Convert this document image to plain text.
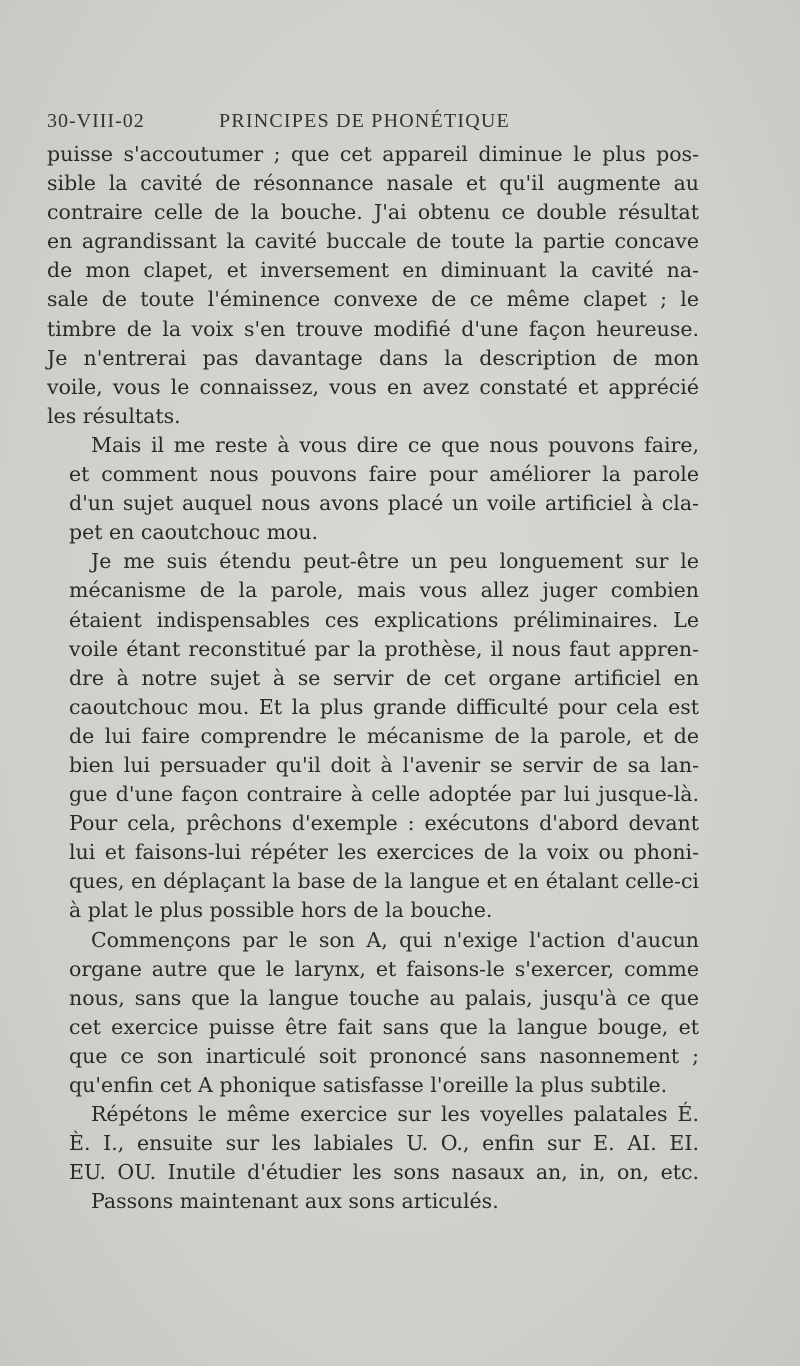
30-VIII-02	PRINCIPES DE PHONÉTIQUE

puisse s'accoutumer ; que cet appareil diminue le plus pos-
sible la cavité de résonnance nasale et qu'il augmente au
contraire celle de la bouche. J'ai obtenu ce double résultat
en agrandissant la cavité buccale de toute la partie concave
de mon clapet, et inversement en diminuant la cavité na-
sale de toute l'éminence convexe de ce même clapet ; le
timbre de la voix s'en trouve modifié d'une façon heureuse.
Je n'entrerai pas davantage dans la description de mon
voile, vous le connaissez, vous en avez constaté et apprécié
les résultats.

Mais il me reste à vous dire ce que nous pouvons faire,
et comment nous pouvons faire pour améliorer la parole
d'un sujet auquel nous avons placé un voile artificiel à cla-
pet en caoutchouc mou.

Je me suis étendu peut-être un peu longuement sur le
mécanisme de la parole, mais vous allez juger combien
étaient indispensables ces explications préliminaires. Le
voile étant reconstitué par la prothèse, il nous faut appren-
dre à notre sujet à se servir de cet organe artificiel en
caoutchouc mou. Et la plus grande difficulté pour cela est
de lui faire comprendre le mécanisme de la parole, et de
bien lui persuader qu'il doit à l'avenir se servir de sa lan-
gue d'une façon contraire à celle adoptée par lui jusque-là.
Pour cela, prêchons d'exemple : exécutons d'abord devant
lui et faisons-lui répéter les exercices de la voix ou phoni-
ques, en déplaçant la base de la langue et en étalant celle-ci
à plat le plus possible hors de la bouche.

Commençons par le son A, qui n'exige l'action d'aucun
organe autre que le larynx, et faisons-le s'exercer, comme
nous, sans que la langue touche au palais, jusqu'à ce que
cet exercice puisse être fait sans que la langue bouge, et
que ce son inarticulé soit prononcé sans nasonnement ;
qu'enfin cet A phonique satisfasse l'oreille la plus subtile.

Répétons le même exercice sur les voyelles palatales É.
È. I., ensuite sur les labiales U. O., enfin sur E. AI. EI.
EU. OU. Inutile d'étudier les sons nasaux an, in, on, etc.

Passons maintenant aux sons articulés.
